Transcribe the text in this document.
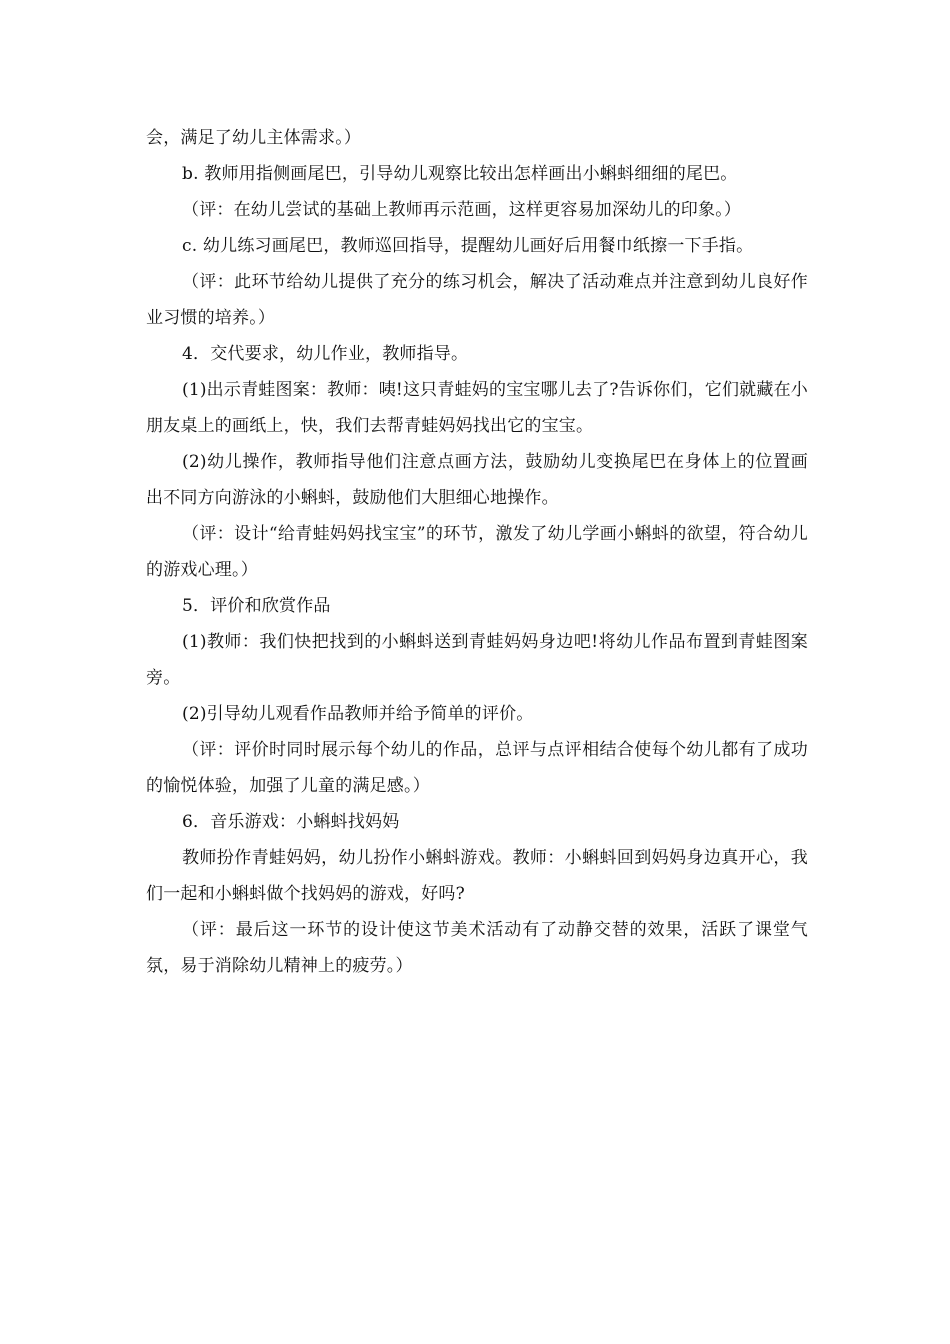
会，满足了幼儿主体需求。）

b. 教师用指侧画尾巴，引导幼儿观察比较出怎样画出小蝌蚪细细的尾巴。

（评：在幼儿尝试的基础上教师再示范画，这样更容易加深幼儿的印象。）

c. 幼儿练习画尾巴，教师巡回指导，提醒幼儿画好后用餐巾纸擦一下手指。

（评：此环节给幼儿提供了充分的练习机会，解决了活动难点并注意到幼儿良好作业习惯的培养。）

4．交代要求，幼儿作业，教师指导。

(1)出示青蛙图案：教师：咦!这只青蛙妈的宝宝哪儿去了?告诉你们，它们就藏在小朋友桌上的画纸上，快，我们去帮青蛙妈妈找出它的宝宝。

(2)幼儿操作，教师指导他们注意点画方法，鼓励幼儿变换尾巴在身体上的位置画出不同方向游泳的小蝌蚪，鼓励他们大胆细心地操作。

（评：设计“给青蛙妈妈找宝宝”的环节，激发了幼儿学画小蝌蚪的欲望，符合幼儿的游戏心理。）

5．评价和欣赏作品

(1)教师：我们快把找到的小蝌蚪送到青蛙妈妈身边吧!将幼儿作品布置到青蛙图案旁。

(2)引导幼儿观看作品教师并给予简单的评价。

（评：评价时同时展示每个幼儿的作品，总评与点评相结合使每个幼儿都有了成功的愉悦体验，加强了儿童的满足感。）

6．音乐游戏：小蝌蚪找妈妈

教师扮作青蛙妈妈，幼儿扮作小蝌蚪游戏。教师：小蝌蚪回到妈妈身边真开心，我们一起和小蝌蚪做个找妈妈的游戏，好吗?

（评：最后这一环节的设计使这节美术活动有了动静交替的效果，活跃了课堂气氛，易于消除幼儿精神上的疲劳。）
